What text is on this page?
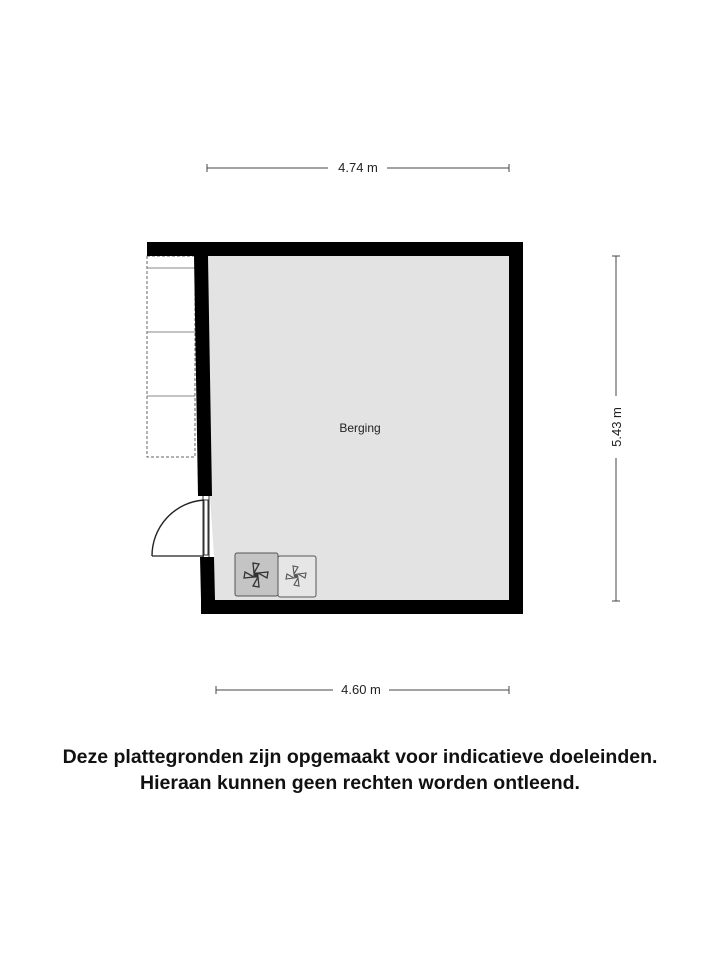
4.74 m
5.43 m
4.60 m
Berging
Deze plattegronden zijn opgemaakt voor indicatieve doeleinden.
Hieraan kunnen geen rechten worden ontleend.
